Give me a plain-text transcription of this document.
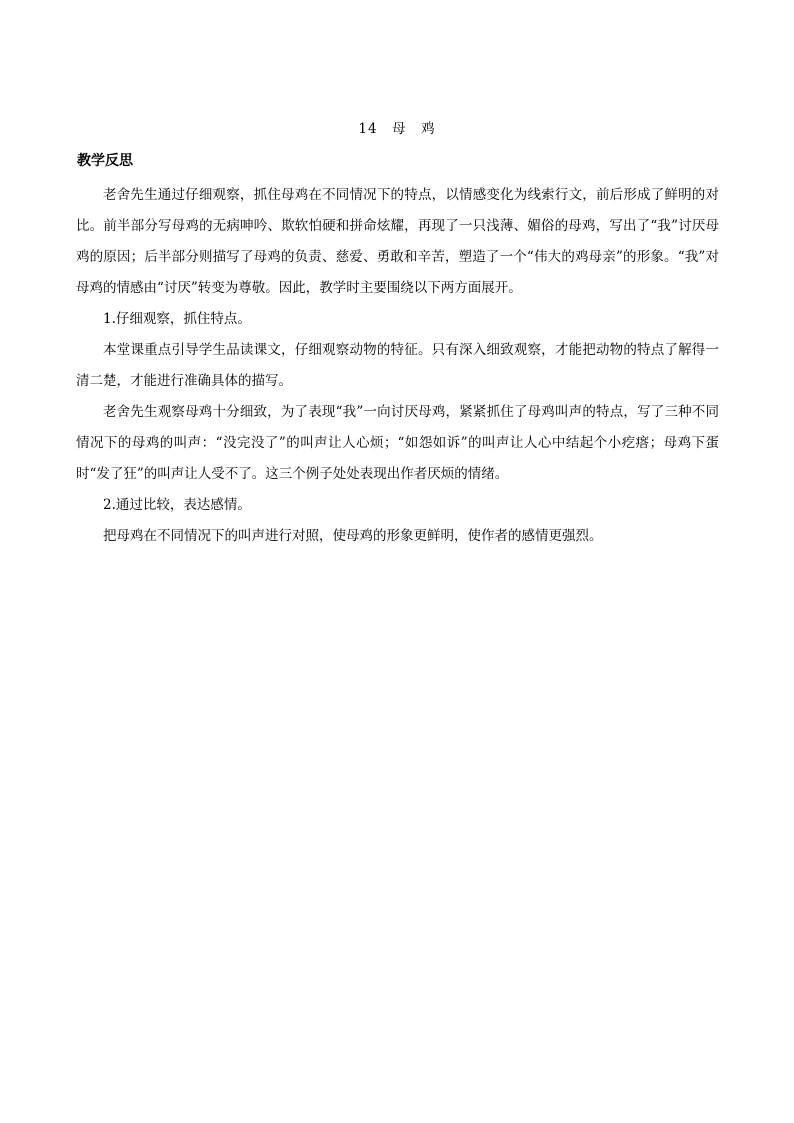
14　母　鸡
教学反思

老舍先生通过仔细观察，抓住母鸡在不同情况下的特点，以情感变化为线索行文，前后形成了鲜明的对比。前半部分写母鸡的无病呻吟、欺软怕硬和拼命炫耀，再现了一只浅薄、媚俗的母鸡，写出了“我”讨厌母鸡的原因；后半部分则描写了母鸡的负责、慈爱、勇敢和辛苦，塑造了一个“伟大的鸡母亲”的形象。“我”对母鸡的情感由“讨厌”转变为尊敬。因此，教学时主要围绕以下两方面展开。

1.仔细观察，抓住特点。

本堂课重点引导学生品读课文，仔细观察动物的特征。只有深入细致观察，才能把动物的特点了解得一清二楚，才能进行准确具体的描写。

老舍先生观察母鸡十分细致，为了表现“我”一向讨厌母鸡，紧紧抓住了母鸡叫声的特点，写了三种不同情况下的母鸡的叫声：“没完没了”的叫声让人心烦；“如怨如诉”的叫声让人心中结起个小疙瘩；母鸡下蛋时“发了狂”的叫声让人受不了。这三个例子处处表现出作者厌烦的情绪。

2.通过比较，表达感情。

把母鸡在不同情况下的叫声进行对照，使母鸡的形象更鲜明，使作者的感情更强烈。
